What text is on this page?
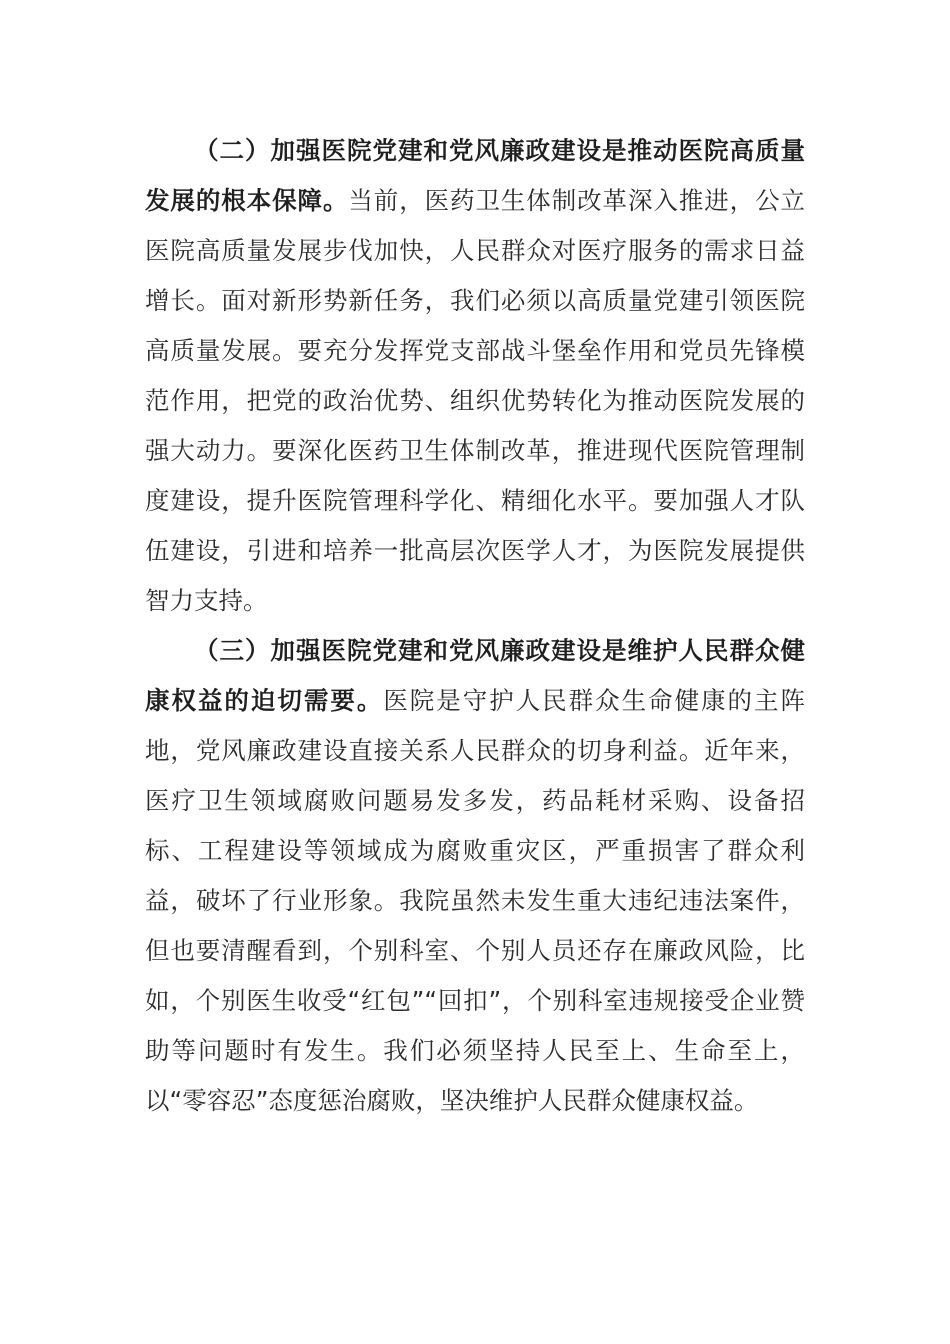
（二）加强医院党建和党风廉政建设是推动医院高质量发展的根本保障。当前，医药卫生体制改革深入推进，公立医院高质量发展步伐加快，人民群众对医疗服务的需求日益增长。面对新形势新任务，我们必须以高质量党建引领医院高质量发展。要充分发挥党支部战斗堡垒作用和党员先锋模范作用，把党的政治优势、组织优势转化为推动医院发展的强大动力。要深化医药卫生体制改革，推进现代医院管理制度建设，提升医院管理科学化、精细化水平。要加强人才队伍建设，引进和培养一批高层次医学人才，为医院发展提供智力支持。

（三）加强医院党建和党风廉政建设是维护人民群众健康权益的迫切需要。医院是守护人民群众生命健康的主阵地，党风廉政建设直接关系人民群众的切身利益。近年来，医疗卫生领域腐败问题易发多发，药品耗材采购、设备招标、工程建设等领域成为腐败重灾区，严重损害了群众利益，破坏了行业形象。我院虽然未发生重大违纪违法案件，但也要清醒看到，个别科室、个别人员还存在廉政风险，比如，个别医生收受“红包”“回扣”，个别科室违规接受企业赞助等问题时有发生。我们必须坚持人民至上、生命至上，以“零容忍”态度惩治腐败，坚决维护人民群众健康权益。
